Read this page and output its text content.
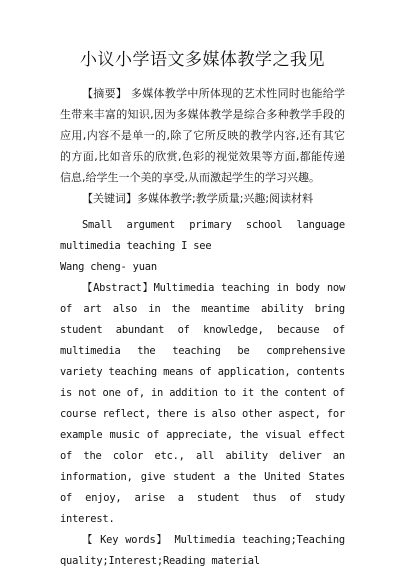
小议小学语文多媒体教学之我见

【摘要】 多媒体教学中所体现的艺术性同时也能给学生带来丰富的知识,因为多媒体教学是综合多种教学手段的应用,内容不是单一的,除了它所反映的教学内容,还有其它的方面,比如音乐的欣赏,色彩的视觉效果等方面,都能传递信息,给学生一个美的享受,从而激起学生的学习兴趣。

【关键词】多媒体教学;教学质量;兴趣;阅读材料

Small argument primary school language multimedia teaching I see

Wang cheng- yuan

【Abstract】Multimedia teaching in body now of art also in the meantime ability bring student abundant of knowledge, because of multimedia the teaching be comprehensive variety teaching means of application, contents is not one of, in addition to it the content of course reflect, there is also other aspect, for example music of appreciate, the visual effect of the color etc., all ability deliver an information, give student a the United States of enjoy, arise a student thus of study interest.

【 Key words】 Multimedia teaching;Teaching quality;Interest;Reading material
